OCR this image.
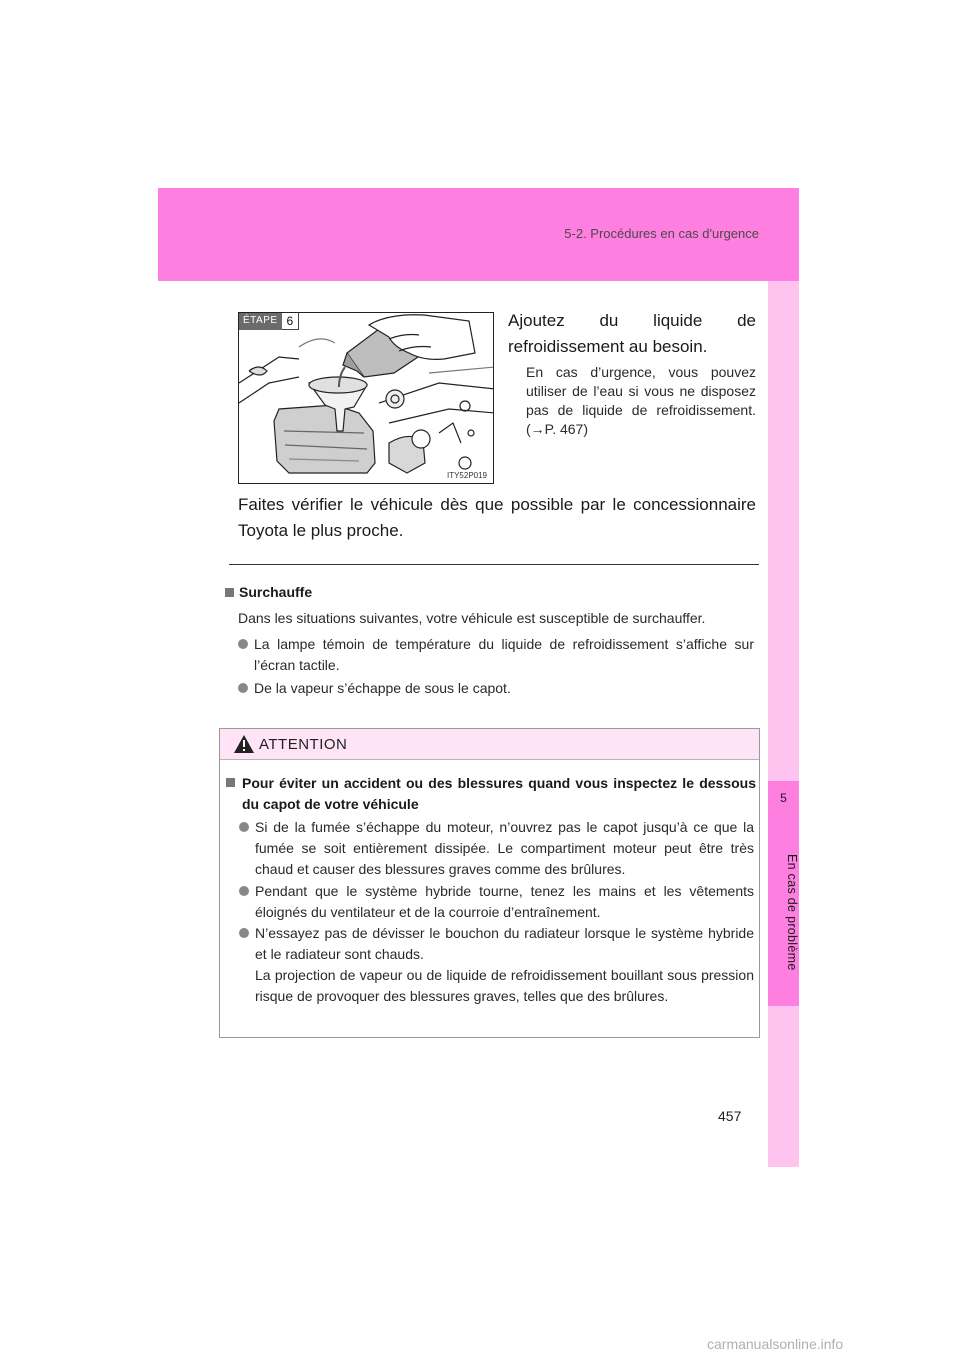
5-2. Procédures en cas d'urgence
5
En cas de problème
ÉTAPE 6
ITY52P019
Ajoutez du liquide de refroidissement au besoin.
En cas d’urgence, vous pouvez utiliser de l’eau si vous ne disposez pas de liquide de refroidissement. (→P. 467)
Faites vérifier le véhicule dès que possible par le concessionnaire Toyota le plus proche.
Surchauffe
Dans les situations suivantes, votre véhicule est susceptible de surchauffer.
La lampe témoin de température du liquide de refroidissement s’affiche sur l’écran tactile.
De la vapeur s’échappe de sous le capot.
ATTENTION
Pour éviter un accident ou des blessures quand vous inspectez le dessous du capot de votre véhicule
Si de la fumée s’échappe du moteur, n’ouvrez pas le capot jusqu’à ce que la fumée se soit entièrement dissipée. Le compartiment moteur peut être très chaud et causer des blessures graves comme des brûlures.
Pendant que le système hybride tourne, tenez les mains et les vêtements éloignés du ventilateur et de la courroie d’entraînement.
N’essayez pas de dévisser le bouchon du radiateur lorsque le système hybride et le radiateur sont chauds.
La projection de vapeur ou de liquide de refroidissement bouillant sous pression risque de provoquer des blessures graves, telles que des brûlures.
457
carmanualsonline.info
